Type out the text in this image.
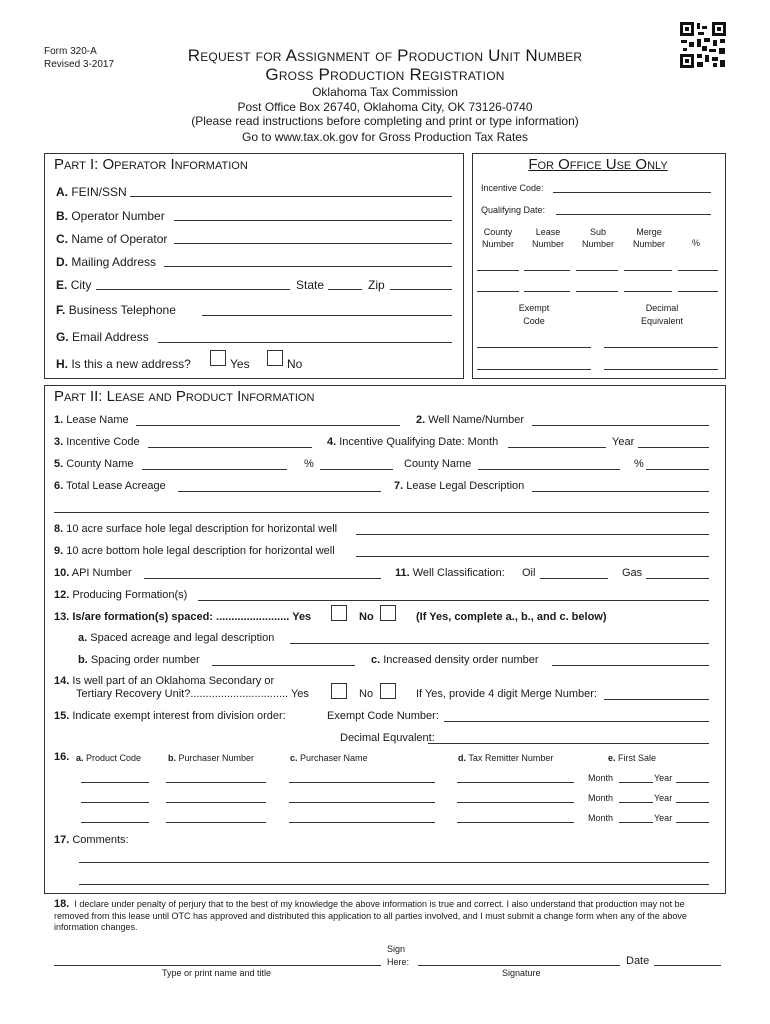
Form 320-A
Revised 3-2017	Request for Assignment of Production Unit Number
Gross Production Registration
Oklahoma Tax Commission
Post Office Box 26740, Oklahoma City, OK 73126-0740
(Please read instructions before completing and print or type information)
Go to www.tax.ok.gov for Gross Production Tax Rates
Part I: Operator Information
A. FEIN/SSN
B. Operator Number
C. Name of Operator
D. Mailing Address
E. City	State	Zip
F. Business Telephone
G. Email Address
H. Is this a new address?	Yes	No
For Office Use Only
Incentive Code:
Qualifying Date:
County
Number
Lease
Number
Sub
Number
Merge
Number	%
Exempt
Code
Decimal
Equivalent
Part II: Lease and Product Information
1. Lease Name	2. Well Name/Number
3. Incentive Code	4. Incentive Qualifying Date: Month	Year
5. County Name	%	County Name	%
6. Total Lease Acreage	7. Lease Legal Description
8. 10 acre surface hole legal description for horizontal well
9. 10 acre bottom hole legal description for horizontal well
10. API Number	11. Well Classification: Oil	Gas
12. Producing Formation(s)
13. Is/are formation(s) spaced: ........................ Yes	No	(If Yes, complete a., b., and c. below)
a. Spaced acreage and legal description
b. Spacing order number	c. Increased density order number
14. Is well part of an Oklahoma Secondary or
Tertiary Recovery Unit?................................ Yes	No	If Yes, provide 4 digit Merge Number:
15. Indicate exempt interest from division order:	Exempt Code Number:
Decimal Equvalent:
16. a. Product Code	b. Purchaser Number	c. Purchaser Name	d. Tax Remitter Number	e. First Sale
Month	Year
Month	Year
Month	Year
17. Comments:
18. I declare under penalty of perjury that to the best of my knowledge the above information is true and correct. I also understand that production may not be removed from this lease until OTC has approved and distributed this application to all parties involved, and I must submit a change form when any of the above information changes.
Sign
Here:	Date
Type or print name and title	Signature
